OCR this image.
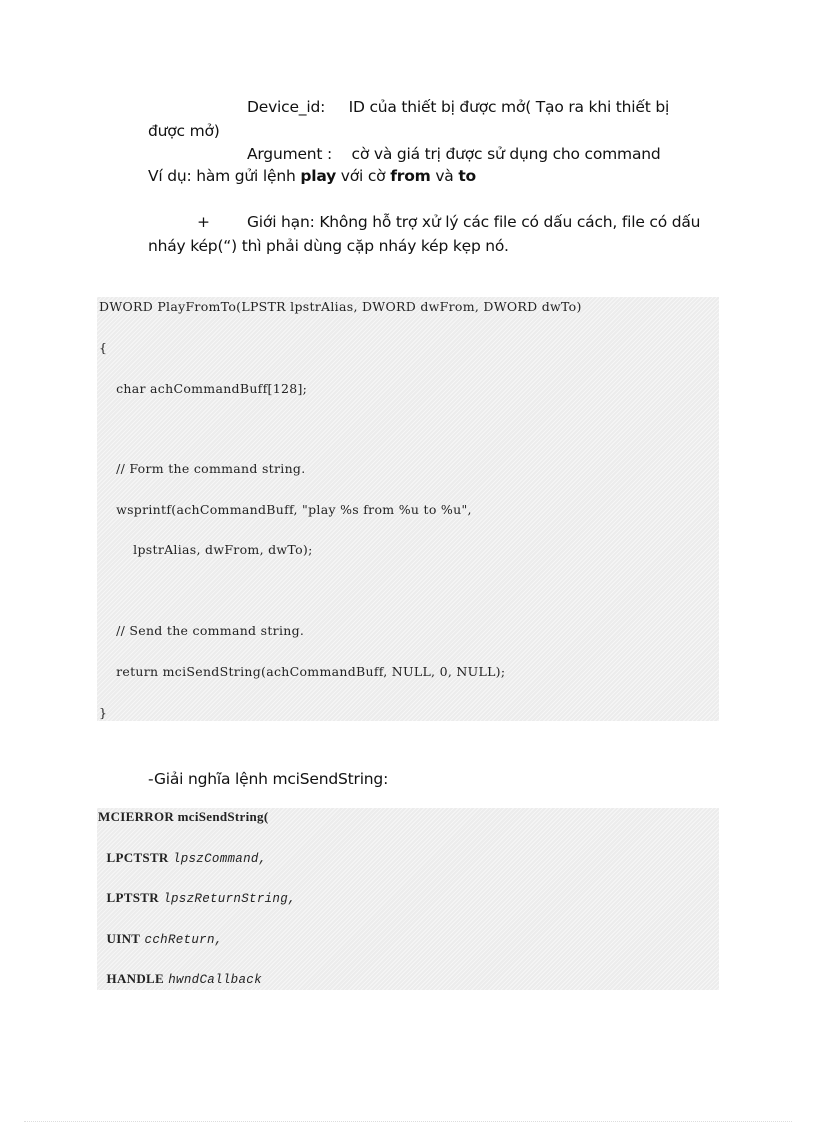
Device_id: ID của thiết bị được mở( Tạo ra khi thiết bị
được mở)
Argument : cờ và giá trị được sử dụng cho command
Ví dụ: hàm gửi lệnh play với cờ from và to
+ Giới hạn: Không hỗ trợ xử lý các file có dấu cách, file có dấu
nháy kép(“) thì phải dùng cặp nháy kép kẹp nó.
DWORD PlayFromTo(LPSTR lpstrAlias, DWORD dwFrom, DWORD dwTo)
{
char achCommandBuff[128];
// Form the command string.
wsprintf(achCommandBuff, "play %s from %u to %u",
lpstrAlias, dwFrom, dwTo);
// Send the command string.
return mciSendString(achCommandBuff, NULL, 0, NULL);
}
-Giải nghĩa lệnh mciSendString:
MCIERROR mciSendString(
LPCTSTR lpszCommand,
LPTSTR lpszReturnString,
UINT cchReturn,
HANDLE hwndCallback
